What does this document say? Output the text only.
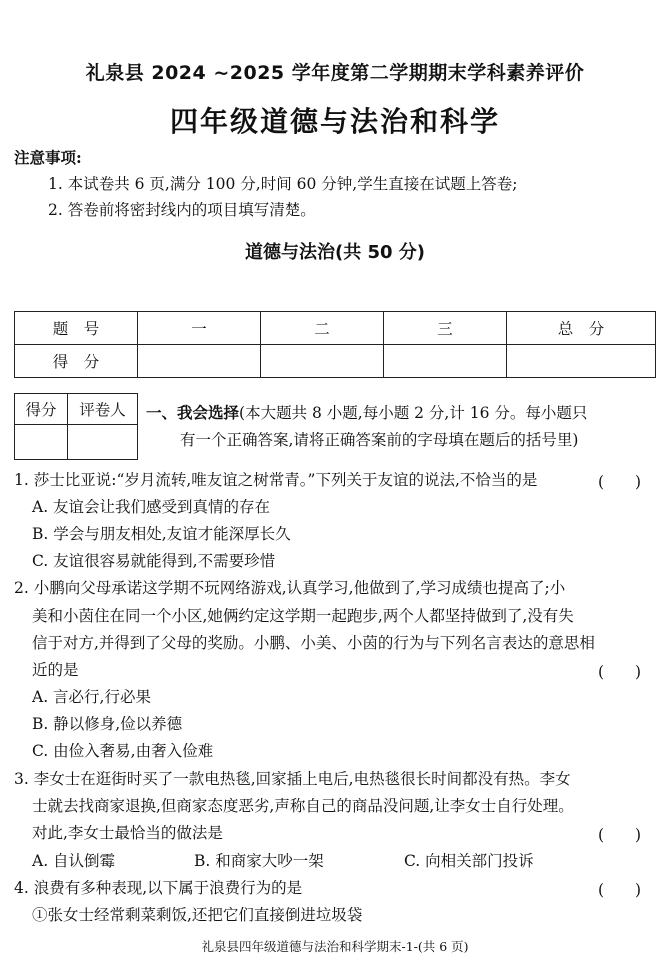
礼泉县 2024 ~2025 学年度第二学期期末学科素养评价
四年级道德与法治和科学
注意事项:
1. 本试卷共 6 页,满分 100 分,时间 60 分钟,学生直接在试题上答卷;
2. 答卷前将密封线内的项目填写清楚。
道德与法治(共 50 分)
题　号	一	二	三	总　分
得　分				
得分	评卷人
	一、我会选择(本大题共 8 小题,每小题 2 分,计 16 分。每小题只
有一个正确答案,请将正确答案前的字母填在题后的括号里)
1. 莎士比亚说:“岁月流转,唯友谊之树常青。”下列关于友谊的说法,不恰当的是	(　　)
A. 友谊会让我们感受到真情的存在
B. 学会与朋友相处,友谊才能深厚长久
C. 友谊很容易就能得到,不需要珍惜
2. 小鹏向父母承诺这学期不玩网络游戏,认真学习,他做到了,学习成绩也提高了;小
美和小茵住在同一个小区,她俩约定这学期一起跑步,两个人都坚持做到了,没有失
信于对方,并得到了父母的奖励。小鹏、小美、小茵的行为与下列名言表达的意思相
近的是	(　　)
A. 言必行,行必果
B. 静以修身,俭以养德
C. 由俭入奢易,由奢入俭难
3. 李女士在逛街时买了一款电热毯,回家插上电后,电热毯很长时间都没有热。李女
士就去找商家退换,但商家态度恶劣,声称自己的商品没问题,让李女士自行处理。
对此,李女士最恰当的做法是	(　　)
A. 自认倒霉	B. 和商家大吵一架	C. 向相关部门投诉
4. 浪费有多种表现,以下属于浪费行为的是	(　　)
①张女士经常剩菜剩饭,还把它们直接倒进垃圾袋
礼泉县四年级道德与法治和科学期末-1-(共 6 页)
